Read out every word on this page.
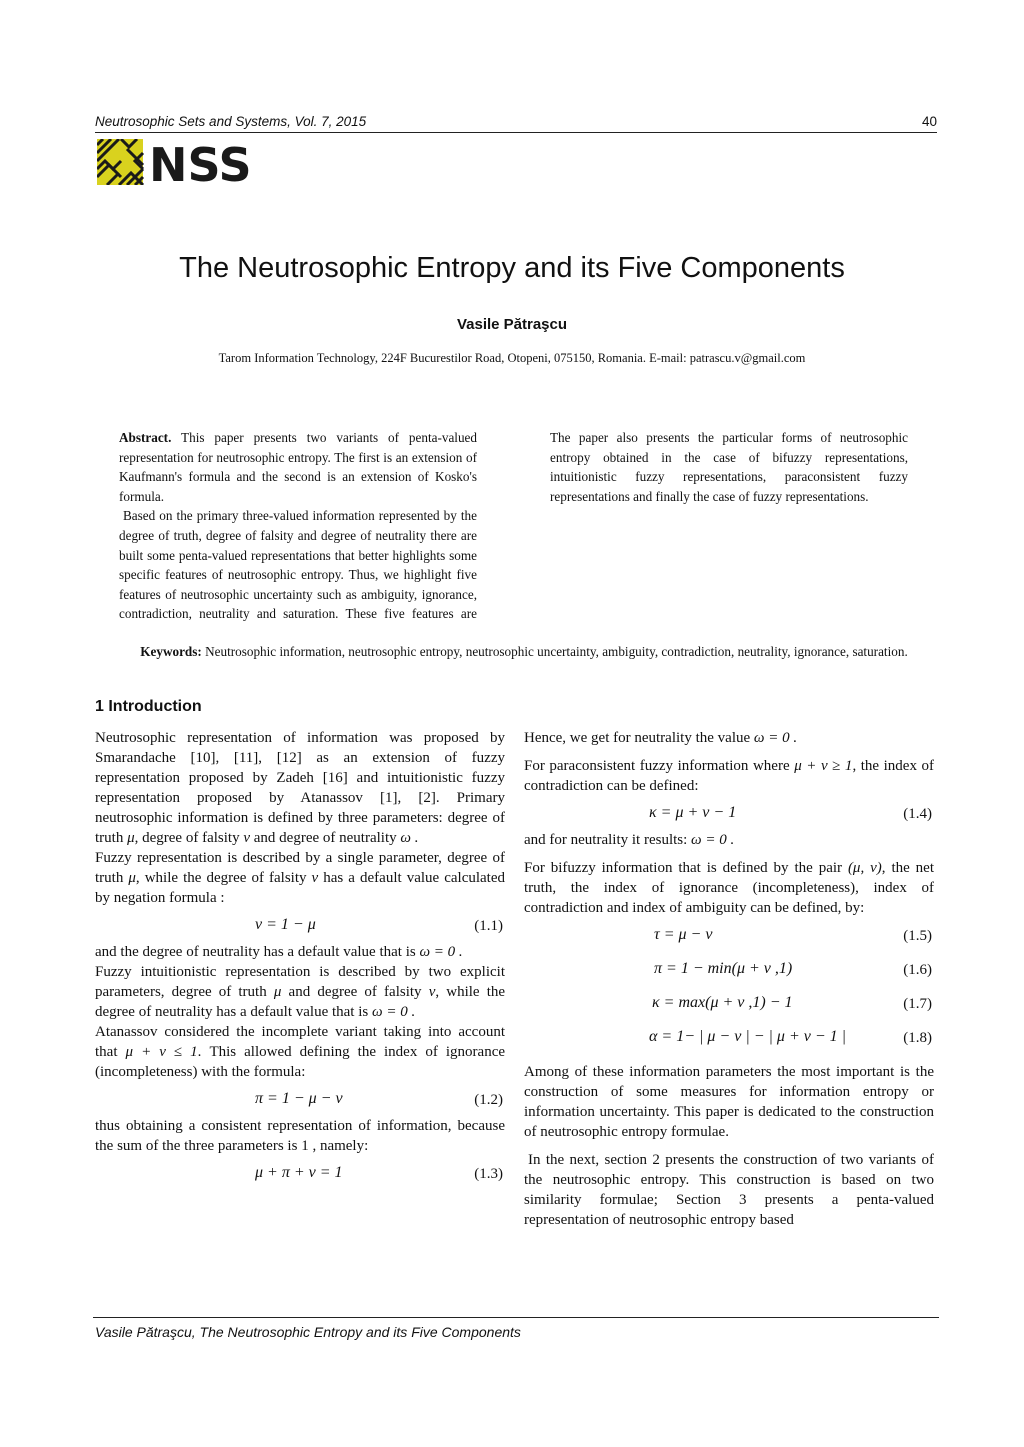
Neutrosophic Sets and Systems, Vol. 7, 2015	40
NSS
The Neutrosophic Entropy and its Five Components
Vasile Pătraşcu
Tarom Information Technology, 224F Bucurestilor Road, Otopeni, 075150, Romania. E-mail: patrascu.v@gmail.com

Abstract. This paper presents two variants of penta-valued representation for neutrosophic entropy. The first is an extension of Kaufmann's formula and the second is an extension of Kosko's formula.

Based on the primary three-valued information represented by the degree of truth, degree of falsity and degree of neutrality there are built some penta-valued representations that better highlights some specific features of neutrosophic entropy. Thus, we highlight five features of neutrosophic uncertainty such as ambiguity, ignorance, contradiction, neutrality and saturation. These five features are

The paper also presents the particular forms of neutrosophic entropy obtained in the case of bifuzzy representations, intuitionistic fuzzy representations, paraconsistent fuzzy representations and finally the case of fuzzy representations.

Keywords: Neutrosophic information, neutrosophic entropy, neutrosophic uncertainty, ambiguity, contradiction, neutrality, ignorance, saturation.
1 Introduction

Neutrosophic representation of information was proposed by Smarandache [10], [11], [12] as an extension of fuzzy representation proposed by Zadeh [16] and intuitionistic fuzzy representation proposed by Atanassov [1], [2]. Primary neutrosophic information is defined by three parameters: degree of truth μ, degree of falsity ν and degree of neutrality ω .

Fuzzy representation is described by a single parameter, degree of truth μ, while the degree of falsity ν has a default value calculated by negation formula :

ν = 1 − μ	(1.1)

and the degree of neutrality has a default value that is ω = 0 .

Fuzzy intuitionistic representation is described by two explicit parameters, degree of truth μ and degree of falsity ν, while the degree of neutrality has a default value that is ω = 0 .

Atanassov considered the incomplete variant taking into account that μ + ν ≤ 1. This allowed defining the index of ignorance (incompleteness) with the formula:

π = 1 − μ − ν	(1.2)

thus obtaining a consistent representation of information, because the sum of the three parameters is 1 , namely:

μ + π + ν = 1	(1.3)

Hence, we get for neutrality the value ω = 0 .

For paraconsistent fuzzy information where μ + ν ≥ 1, the index of contradiction can be defined:

κ = μ + ν − 1	(1.4)

and for neutrality it results: ω = 0 .

For bifuzzy information that is defined by the pair (μ, ν), the net truth, the index of ignorance (incompleteness), index of contradiction and index of ambiguity can be defined, by:

τ = μ − ν	(1.5)
π = 1 − min(μ + ν ,1)	(1.6)
κ = max(μ + ν ,1) − 1	(1.7)
α = 1− | μ − ν | − | μ + ν − 1 |	(1.8)

Among of these information parameters the most important is the construction of some measures for information entropy or information uncertainty. This paper is dedicated to the construction of neutrosophic entropy formulae.

In the next, section 2 presents the construction of two variants of the neutrosophic entropy. This construction is based on two similarity formulae; Section 3 presents a penta-valued representation of neutrosophic entropy based

Vasile Pătraşcu, The Neutrosophic Entropy and its Five Components
